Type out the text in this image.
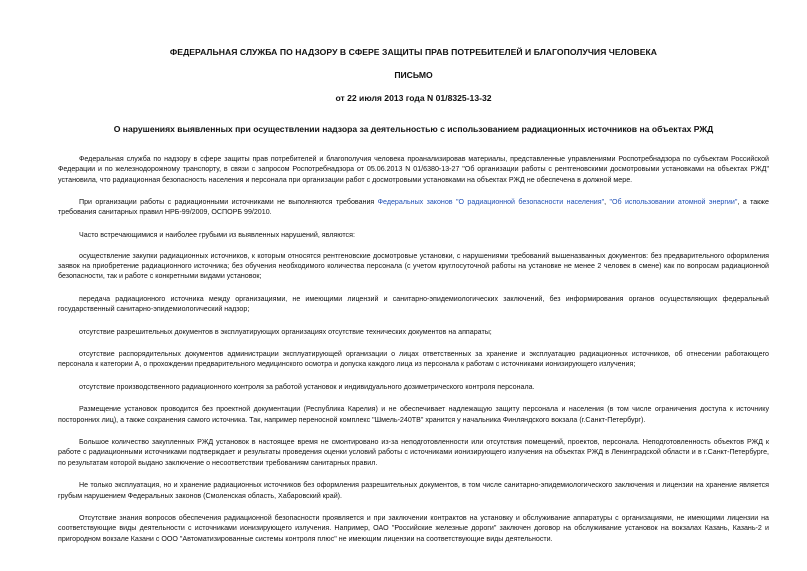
ФЕДЕРАЛЬНАЯ СЛУЖБА ПО НАДЗОРУ В СФЕРЕ ЗАЩИТЫ ПРАВ ПОТРЕБИТЕЛЕЙ И БЛАГОПОЛУЧИЯ ЧЕЛОВЕКА

ПИСЬМО

от 22 июля 2013 года N 01/8325-13-32

О нарушениях выявленных при осуществлении надзора за деятельностью с использованием радиационных источников на объектах РЖД

Федеральная служба по надзору в сфере защиты прав потребителей и благополучия человека проанализировав материалы, представленные управлениями Роспотребнадзора по субъектам Российской Федерации и по железнодорожному транспорту, в связи с запросом Роспотребнадзора от 05.06.2013 N 01/6380-13-27 "Об организации работы с рентгеновскими досмотровыми установками на объектах РЖД" установила, что радиационная безопасность населения и персонала при организации работ с досмотровыми установками на объектах РЖД не обеспечена в должной мере.

При организации работы с радиационными источниками не выполняются требования Федеральных законов "О радиационной безопасности населения", "Об использовании атомной энергии", а также требования санитарных правил НРБ-99/2009, ОСПОРБ 99/2010.

Часто встречающимися и наиболее грубыми из выявленных нарушений, являются:

осуществление закупки радиационных источников, к которым относятся рентгеновские досмотровые установки, с нарушениями требований вышеназванных документов: без предварительного оформления заявок на приобретение радиационного источника; без обучения необходимого количества персонала (с учетом круглосуточной работы на установке не менее 2 человек в смене) как по вопросам радиационной безопасности, так и работе с конкретными видами установок;

передача радиационного источника между организациями, не имеющими лицензий и санитарно-эпидемиологических заключений, без информирования органов осуществляющих федеральный государственный санитарно-эпидемиологический надзор;

отсутствие разрешительных документов в эксплуатирующих организациях отсутствие технических документов на аппараты;

отсутствие распорядительных документов администрации эксплуатирующей организации о лицах ответственных за хранение и эксплуатацию радиационных источников, об отнесении работающего персонала к категории А, о прохождении предварительного медицинского осмотра и допуска каждого лица из персонала к работам с источниками ионизирующего излучения;

отсутствие производственного радиационного контроля за работой установок и индивидуального дозиметрического контроля персонала.

Размещение установок проводится без проектной документации (Республика Карелия) и не обеспечивает надлежащую защиту персонала и населения (в том числе ограничения доступа к источнику посторонних лиц), а также сохранения самого источника. Так, например переносной комплекс "Шмель-240ТВ" хранится у начальника Финляндского вокзала (г.Санкт-Петербург).

Большое количество закупленных РЖД установок в настоящее время не смонтировано из-за неподготовленности или отсутствия помещений, проектов, персонала. Неподготовленность объектов РЖД к работе с радиационными источниками подтверждает и результаты проведения оценки условий работы с источниками ионизирующего излучения на объектах РЖД в Ленинградской области и в г.Санкт-Петербурге, по результатам которой выдано заключение о несоответствии требованиям санитарных правил.

Не только эксплуатация, но и хранение радиационных источников без оформления разрешительных документов, в том числе санитарно-эпидемиологического заключения и лицензии на хранение является грубым нарушением Федеральных законов (Смоленская область, Хабаровский край).

Отсутствие знания вопросов обеспечения радиационной безопасности проявляется и при заключении контрактов на установку и обслуживание аппаратуры с организациями, не имеющими лицензии на соответствующие виды деятельности с источниками ионизирующего излучения. Например, ОАО "Российские железные дороги" заключен договор на обслуживание установок на вокзалах Казань, Казань-2 и пригородном вокзале Казани с ООО "Автоматизированные системы контроля плюс" не имеющим лицензии на соответствующие виды деятельности.
